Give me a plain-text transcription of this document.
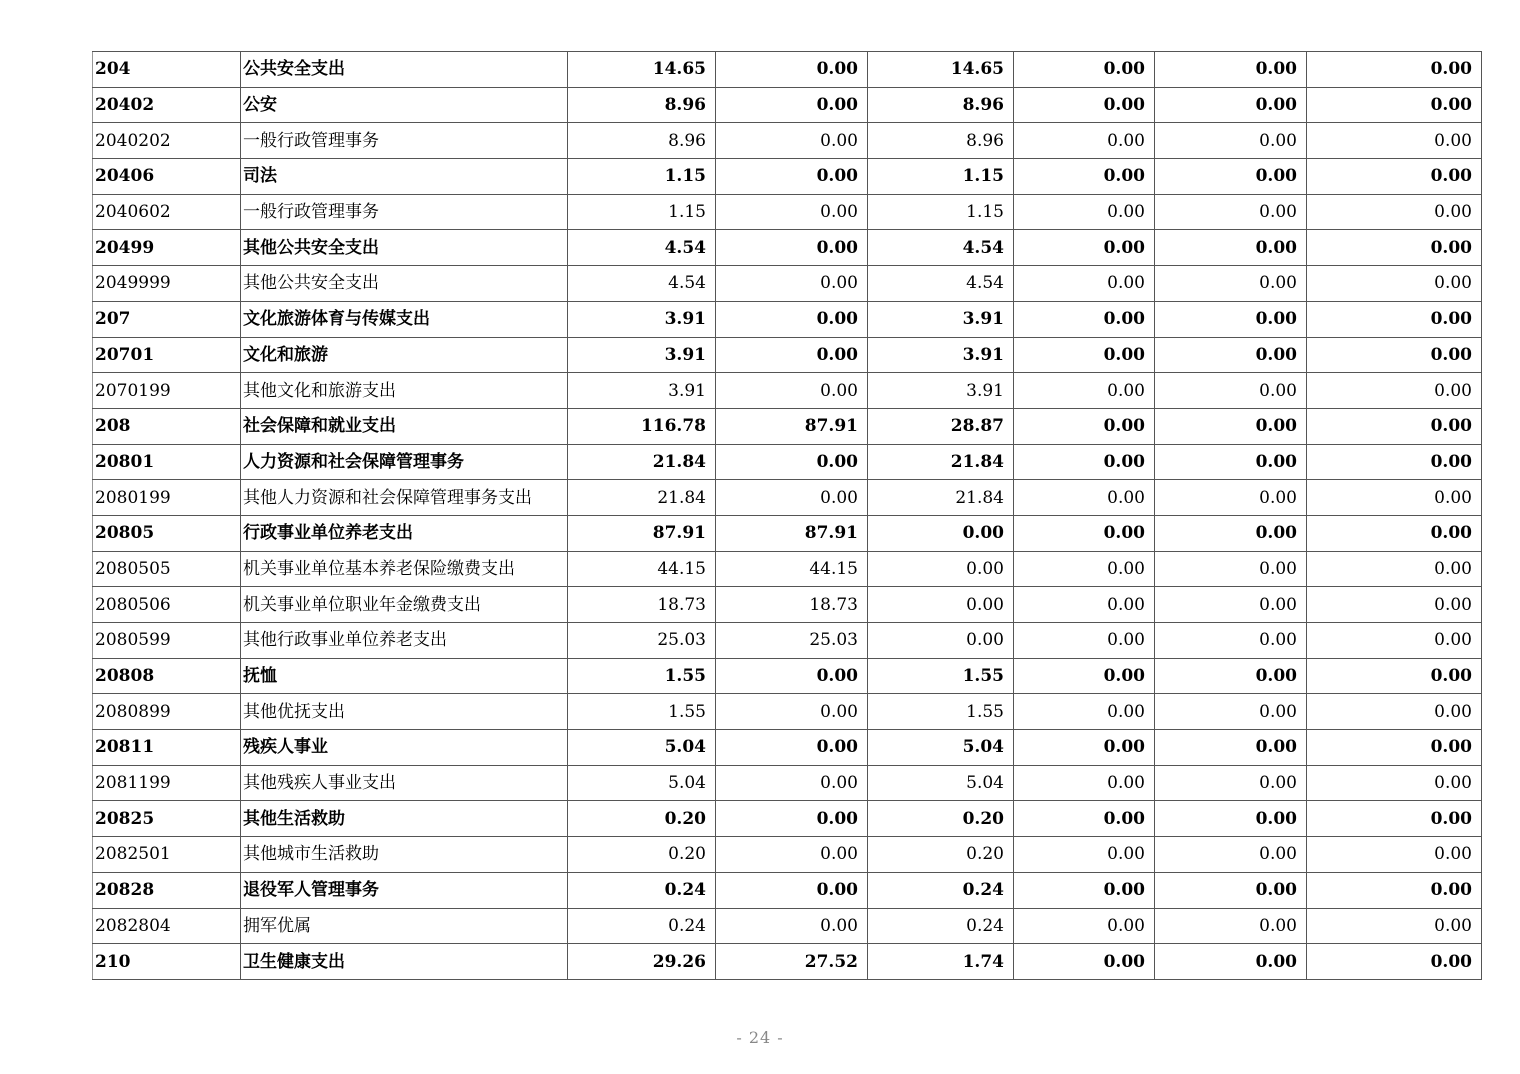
204	公共安全支出	14.65	0.00	14.65	0.00	0.00	0.00
20402	公安	8.96	0.00	8.96	0.00	0.00	0.00
2040202	一般行政管理事务	8.96	0.00	8.96	0.00	0.00	0.00
20406	司法	1.15	0.00	1.15	0.00	0.00	0.00
2040602	一般行政管理事务	1.15	0.00	1.15	0.00	0.00	0.00
20499	其他公共安全支出	4.54	0.00	4.54	0.00	0.00	0.00
2049999	其他公共安全支出	4.54	0.00	4.54	0.00	0.00	0.00
207	文化旅游体育与传媒支出	3.91	0.00	3.91	0.00	0.00	0.00
20701	文化和旅游	3.91	0.00	3.91	0.00	0.00	0.00
2070199	其他文化和旅游支出	3.91	0.00	3.91	0.00	0.00	0.00
208	社会保障和就业支出	116.78	87.91	28.87	0.00	0.00	0.00
20801	人力资源和社会保障管理事务	21.84	0.00	21.84	0.00	0.00	0.00
2080199	其他人力资源和社会保障管理事务支出	21.84	0.00	21.84	0.00	0.00	0.00
20805	行政事业单位养老支出	87.91	87.91	0.00	0.00	0.00	0.00
2080505	机关事业单位基本养老保险缴费支出	44.15	44.15	0.00	0.00	0.00	0.00
2080506	机关事业单位职业年金缴费支出	18.73	18.73	0.00	0.00	0.00	0.00
2080599	其他行政事业单位养老支出	25.03	25.03	0.00	0.00	0.00	0.00
20808	抚恤	1.55	0.00	1.55	0.00	0.00	0.00
2080899	其他优抚支出	1.55	0.00	1.55	0.00	0.00	0.00
20811	残疾人事业	5.04	0.00	5.04	0.00	0.00	0.00
2081199	其他残疾人事业支出	5.04	0.00	5.04	0.00	0.00	0.00
20825	其他生活救助	0.20	0.00	0.20	0.00	0.00	0.00
2082501	其他城市生活救助	0.20	0.00	0.20	0.00	0.00	0.00
20828	退役军人管理事务	0.24	0.00	0.24	0.00	0.00	0.00
2082804	拥军优属	0.24	0.00	0.24	0.00	0.00	0.00
210	卫生健康支出	29.26	27.52	1.74	0.00	0.00	0.00
- 24 -
